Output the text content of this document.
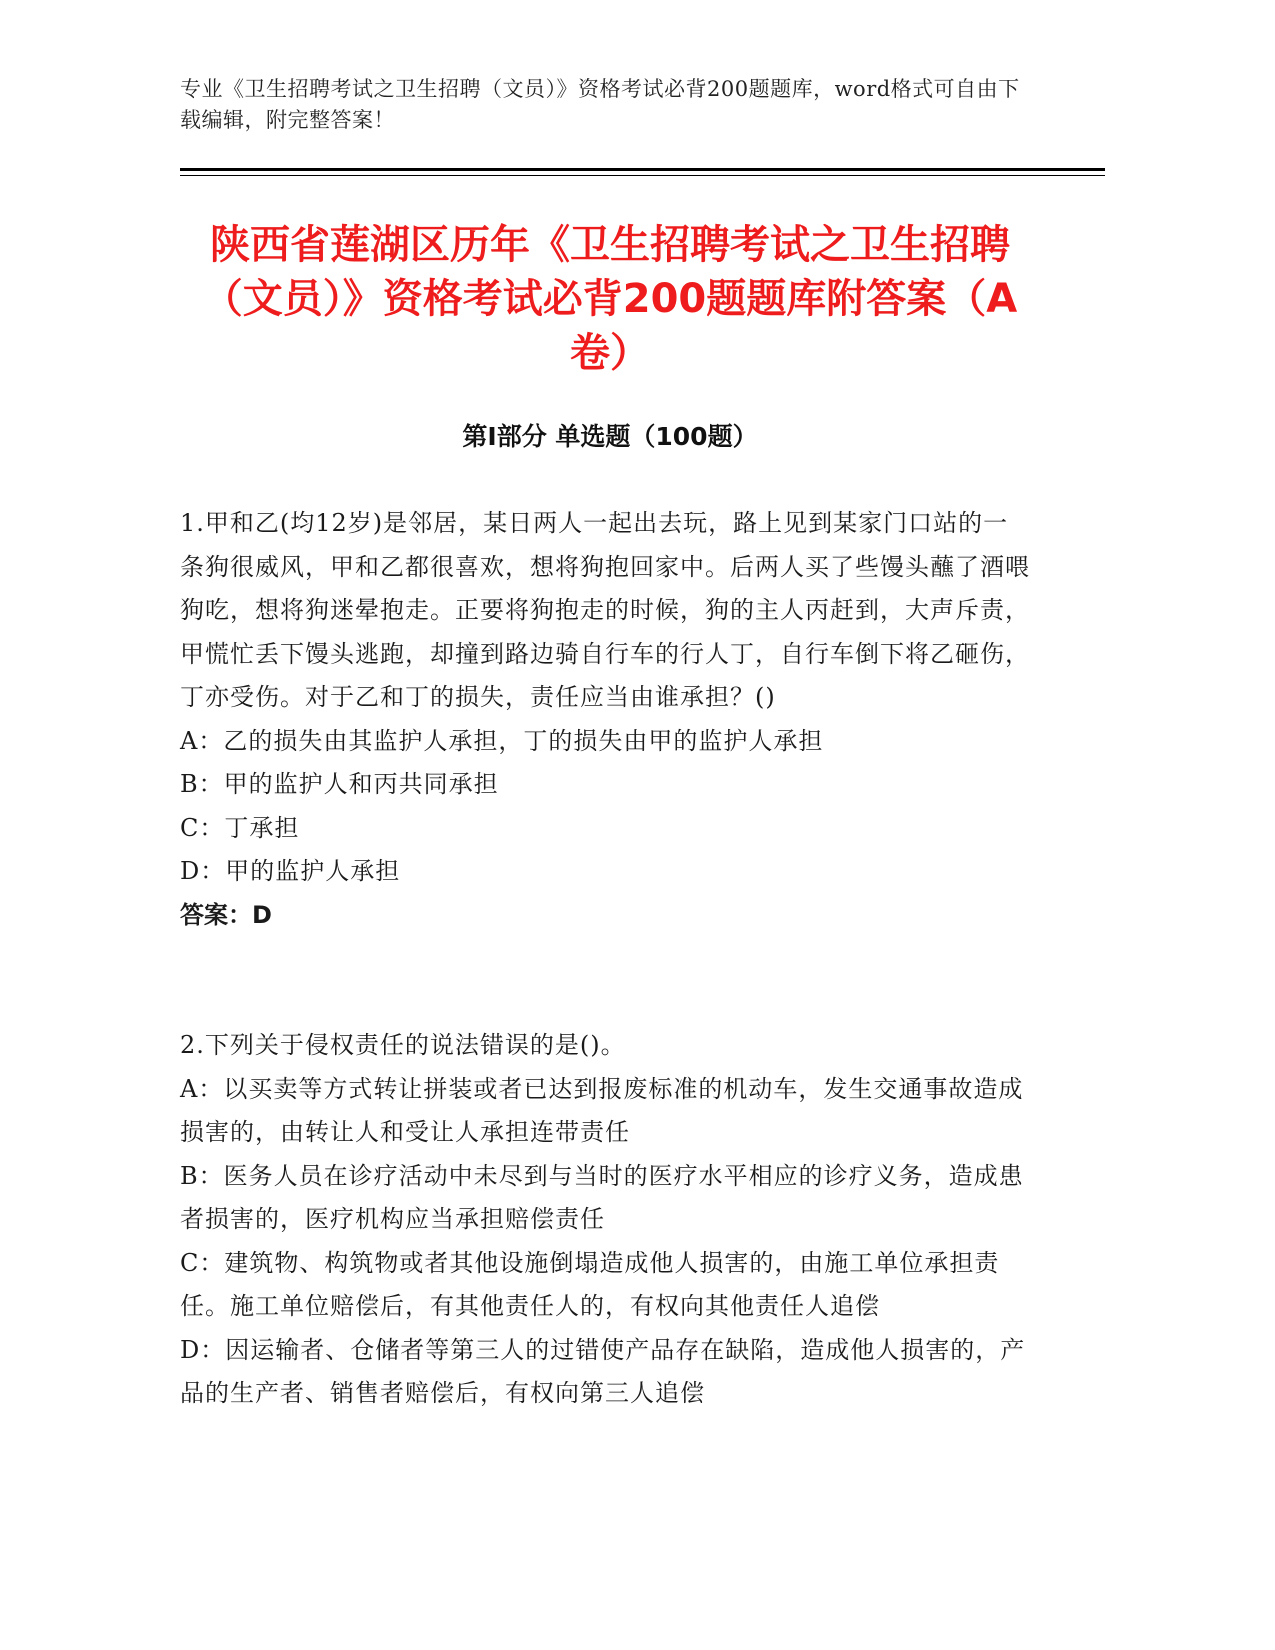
专业《卫生招聘考试之卫生招聘（文员）》资格考试必背200题题库，word格式可自由下载编辑，附完整答案！
陕西省莲湖区历年《卫生招聘考试之卫生招聘（文员）》资格考试必背200题题库附答案（A卷）
第Ⅰ部分 单选题（100题）

1.甲和乙(均12岁)是邻居，某日两人一起出去玩，路上见到某家门口站的一条狗很威风，甲和乙都很喜欢，想将狗抱回家中。后两人买了些馒头蘸了酒喂狗吃，想将狗迷晕抱走。正要将狗抱走的时候，狗的主人丙赶到，大声斥责，甲慌忙丢下馒头逃跑，却撞到路边骑自行车的行人丁，自行车倒下将乙砸伤，丁亦受伤。对于乙和丁的损失，责任应当由谁承担？()

A：乙的损失由其监护人承担，丁的损失由甲的监护人承担
B：甲的监护人和丙共同承担
C：丁承担
D：甲的监护人承担
答案：D

2.下列关于侵权责任的说法错误的是()。

A：以买卖等方式转让拼装或者已达到报废标准的机动车，发生交通事故造成损害的，由转让人和受让人承担连带责任
B：医务人员在诊疗活动中未尽到与当时的医疗水平相应的诊疗义务，造成患者损害的，医疗机构应当承担赔偿责任
C：建筑物、构筑物或者其他设施倒塌造成他人损害的，由施工单位承担责任。施工单位赔偿后，有其他责任人的，有权向其他责任人追偿
D：因运输者、仓储者等第三人的过错使产品存在缺陷，造成他人损害的，产品的生产者、销售者赔偿后，有权向第三人追偿
